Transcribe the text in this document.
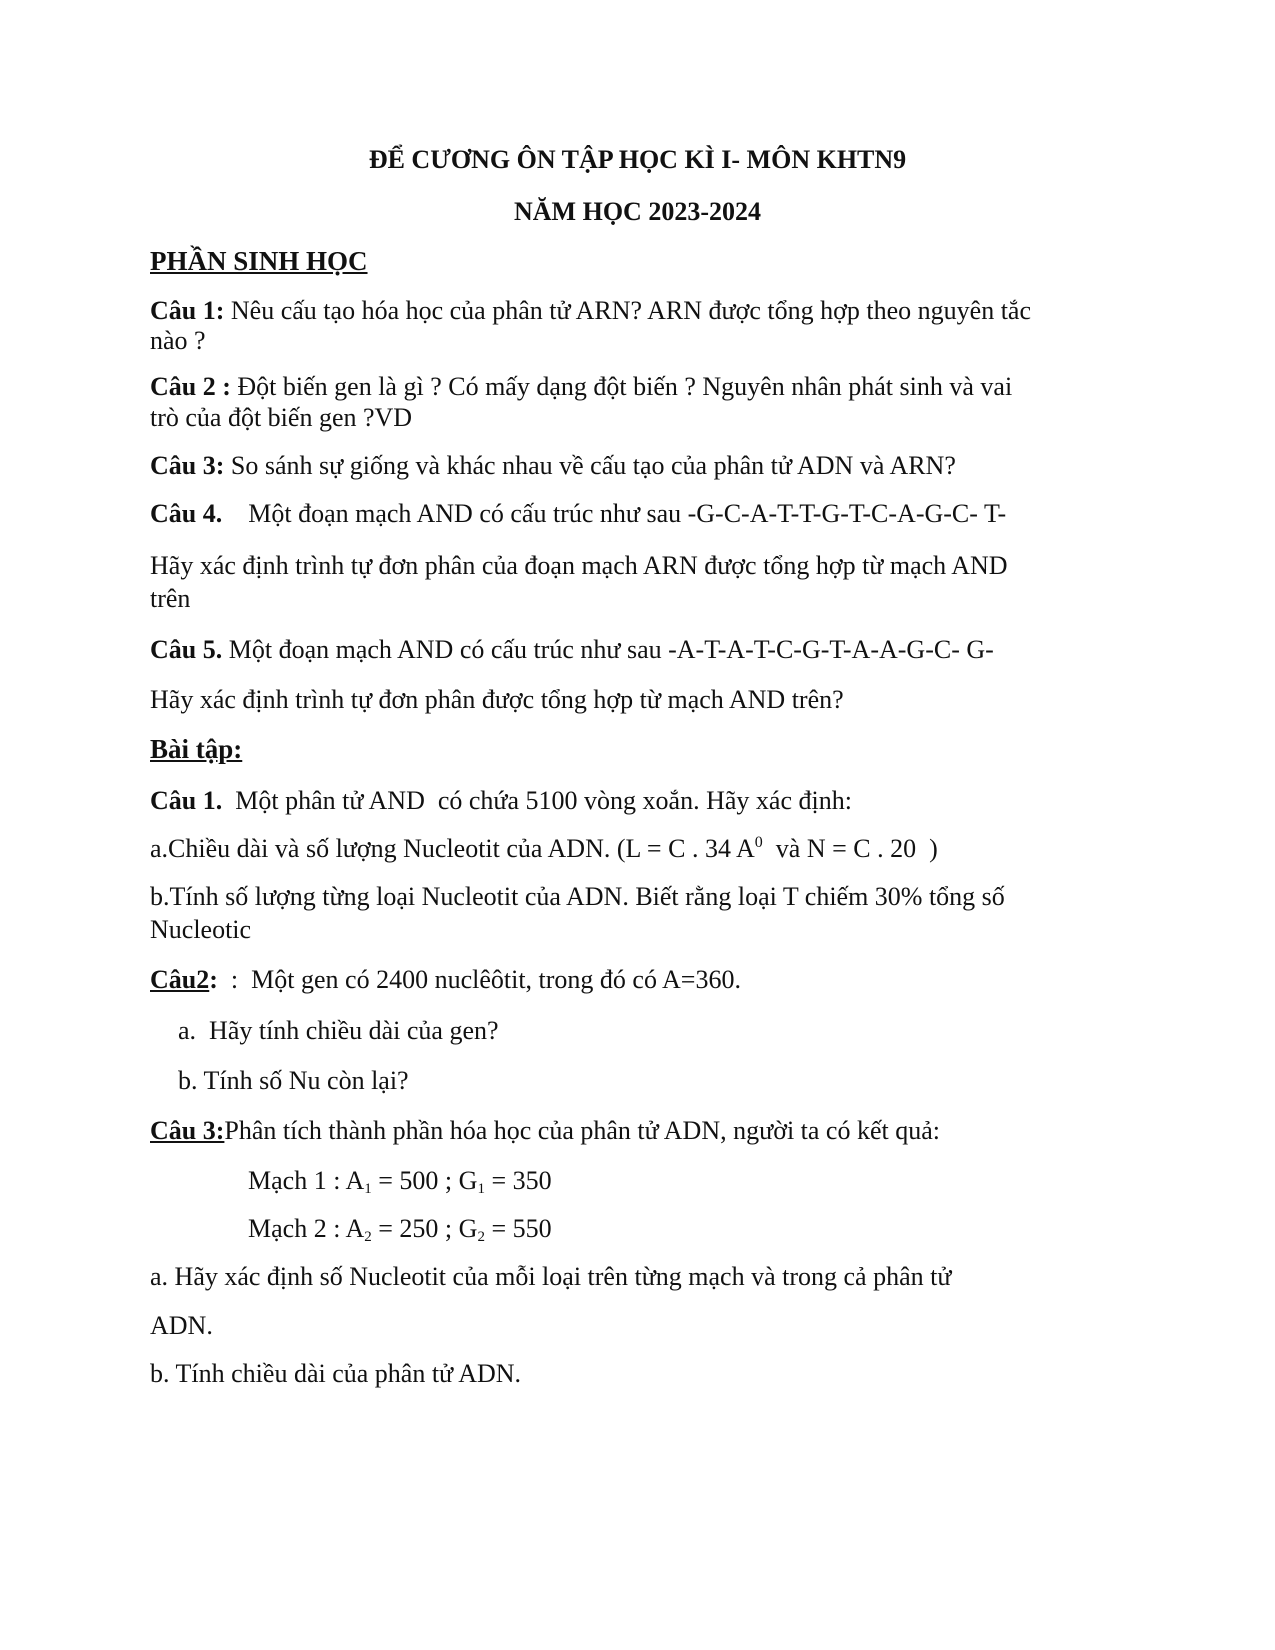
ĐỂ CƯƠNG ÔN TẬP HỌC KÌ I- MÔN KHTN9
NĂM HỌC 2023-2024
PHẦN SINH HỌC
Câu 1: Nêu cấu tạo hóa học của phân tử ARN? ARN được tổng hợp theo nguyên tắc
nào ?
Câu 2 : Đột biến gen là gì ? Có mấy dạng đột biến ? Nguyên nhân phát sinh và vai
trò của đột biến gen ?VD
Câu 3: So sánh sự giống và khác nhau về cấu tạo của phân tử ADN và ARN?
Câu 4.    Một đoạn mạch AND có cấu trúc như sau -G-C-A-T-T-G-T-C-A-G-C- T-
Hãy xác định trình tự đơn phân của đoạn mạch ARN được tổng hợp từ mạch AND
trên
Câu 5. Một đoạn mạch AND có cấu trúc như sau -A-T-A-T-C-G-T-A-A-G-C- G-
Hãy xác định trình tự đơn phân được tổng hợp từ mạch AND trên?
Bài tập:
Câu 1.  Một phân tử AND  có chứa 5100 vòng xoắn. Hãy xác định:
a.Chiều dài và số lượng Nucleotit của ADN. (L = C . 34 $A^0$  và N = C . 20  )
b.Tính số lượng từng loại Nucleotit của ADN. Biết rằng loại T chiếm 30% tổng số
Nucleotic
Câu2:  :  Một gen có 2400 nuclêôtit, trong đó có A=360.
a.  Hãy tính chiều dài của gen?
b. Tính số Nu còn lại?
Câu 3:Phân tích thành phần hóa học của phân tử ADN, người ta có kết quả:
Mạch 1 : $A_1 = 500$ ; $G_1 = 350$
Mạch 2 : $A_2 = 250$ ; $G_2 = 550$
a. Hãy xác định số Nucleotit của mỗi loại trên từng mạch và trong cả phân tử
ADN.
b. Tính chiều dài của phân tử ADN.
